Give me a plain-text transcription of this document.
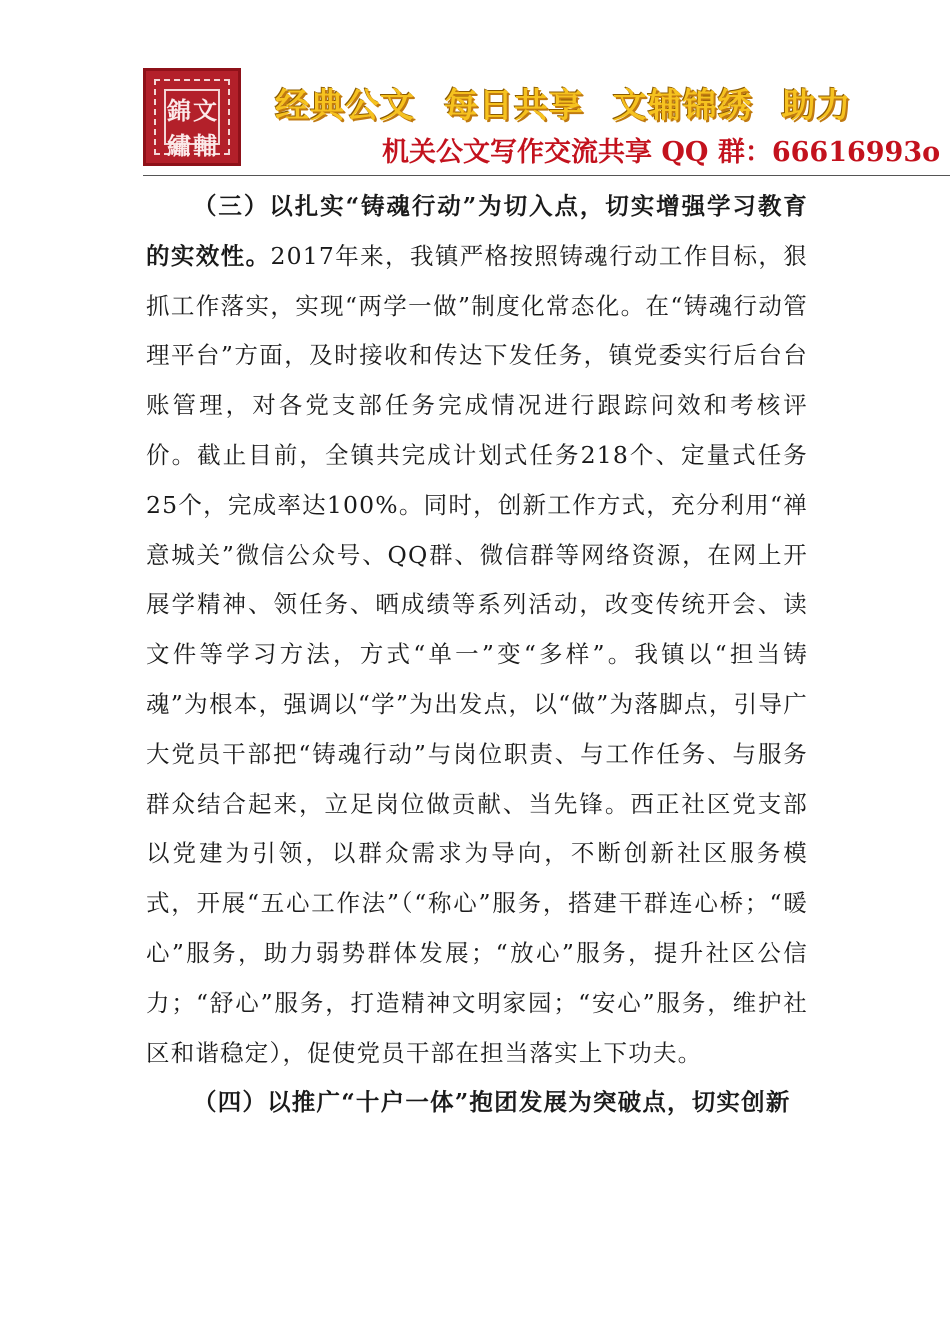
錦 文
繡 輔
经典公文 每日共享 文辅锦绣 助力
机关公文写作交流共享 QQ 群：66616993o

（三）以扎实“铸魂行动”为切入点，切实增强学习教育的实效性。2017年来，我镇严格按照铸魂行动工作目标，狠抓工作落实，实现“两学一做”制度化常态化。在“铸魂行动管理平台”方面，及时接收和传达下发任务，镇党委实行后台台账管理，对各党支部任务完成情况进行跟踪问效和考核评价。截止目前，全镇共完成计划式任务218个、定量式任务25个，完成率达100%。同时，创新工作方式，充分利用“禅意城关”微信公众号、QQ群、微信群等网络资源，在网上开展学精神、领任务、晒成绩等系列活动，改变传统开会、读文件等学习方法，方式“单一”变“多样”。我镇以“担当铸魂”为根本，强调以“学”为出发点，以“做”为落脚点，引导广大党员干部把“铸魂行动”与岗位职责、与工作任务、与服务群众结合起来，立足岗位做贡献、当先锋。西正社区党支部以党建为引领，以群众需求为导向，不断创新社区服务模式，开展“五心工作法”（“称心”服务，搭建干群连心桥；“暖心”服务，助力弱势群体发展；“放心”服务，提升社区公信力；“舒心”服务，打造精神文明家园；“安心”服务，维护社区和谐稳定），促使党员干部在担当落实上下功夫。

（四）以推广“十户一体”抱团发展为突破点，切实创新
